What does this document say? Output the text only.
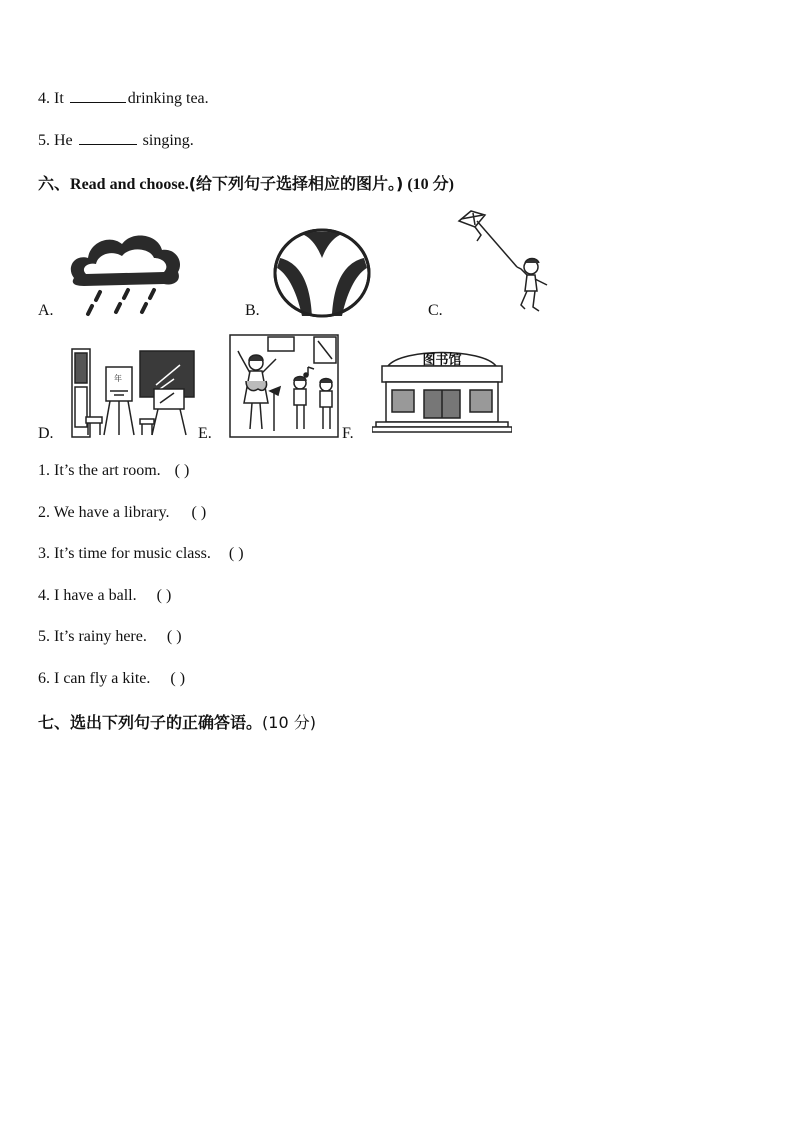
4. It	drinking tea.
5. He	singing.
六、Read and choose.(给下列句子选择相应的图片。) (10 分)
A.	B.	C.
D.
年
E.	F.
图书馆
1. It’s the art room. ( )
2. We have a library. ( )
3. It’s time for music class. ( )
4. I have a ball. ( )
5. It’s rainy here. ( )
6. I can fly a kite. ( )
七、选出下列句子的正确答语。(10 分)
